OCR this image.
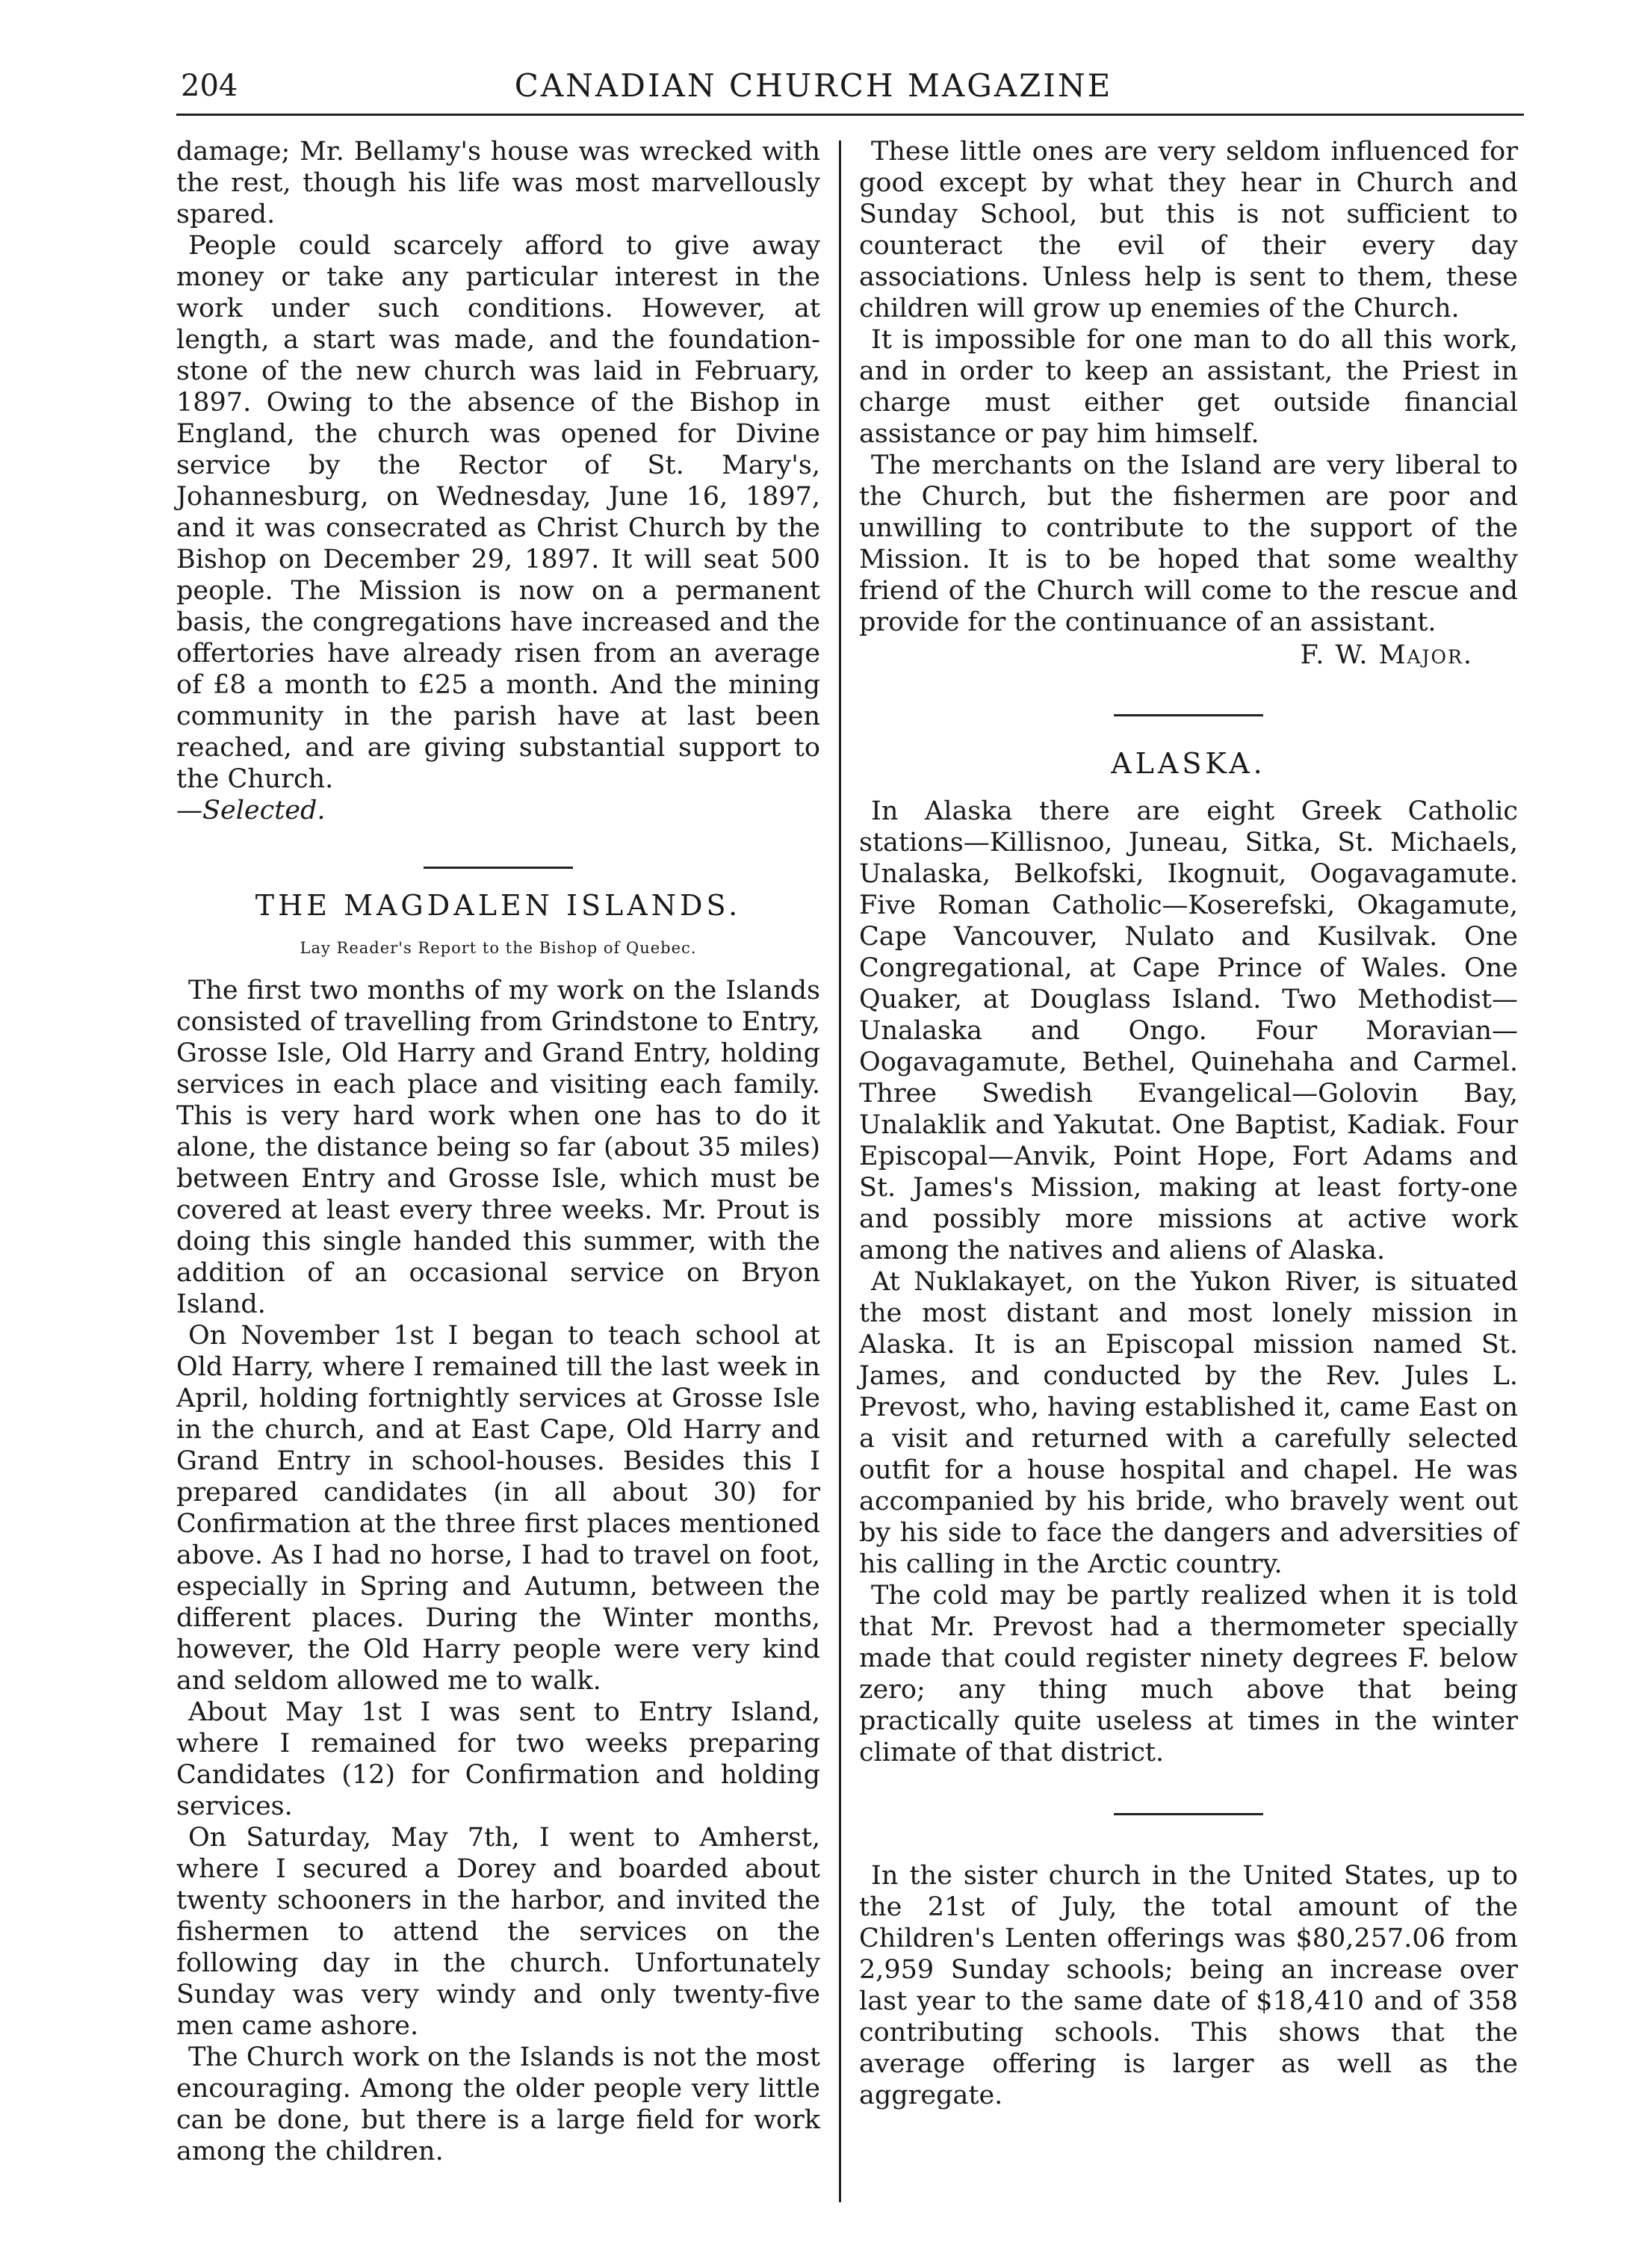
204	CANADIAN CHURCH MAGAZINE

damage; Mr. Bellamy's house was wrecked with the rest, though his life was most marvellously spared.

People could scarcely afford to give away money or take any particular interest in the work under such conditions. However, at length, a start was made, and the foundation-stone of the new church was laid in February, 1897. Owing to the absence of the Bishop in England, the church was opened for Divine service by the Rector of St. Mary's, Johannesburg, on Wednesday, June 16, 1897, and it was consecrated as Christ Church by the Bishop on December 29, 1897. It will seat 500 people. The Mission is now on a permanent basis, the congregations have increased and the offertories have already risen from an average of £8 a month to £25 a month. And the mining community in the parish have at last been reached, and are giving substantial support to the Church.

—Selected.

THE MAGDALEN ISLANDS.
Lay Reader's Report to the Bishop of Quebec.

The first two months of my work on the Islands consisted of travelling from Grindstone to Entry, Grosse Isle, Old Harry and Grand Entry, holding services in each place and visiting each family. This is very hard work when one has to do it alone, the distance being so far (about 35 miles) between Entry and Grosse Isle, which must be covered at least every three weeks. Mr. Prout is doing this single handed this summer, with the addition of an occasional service on Bryon Island.

On November 1st I began to teach school at Old Harry, where I remained till the last week in April, holding fortnightly services at Grosse Isle in the church, and at East Cape, Old Harry and Grand Entry in school-houses. Besides this I prepared candidates (in all about 30) for Confirmation at the three first places mentioned above. As I had no horse, I had to travel on foot, especially in Spring and Autumn, between the different places. During the Winter months, however, the Old Harry people were very kind and seldom allowed me to walk.

About May 1st I was sent to Entry Island, where I remained for two weeks preparing Candidates (12) for Confirmation and holding services.

On Saturday, May 7th, I went to Amherst, where I secured a Dorey and boarded about twenty schooners in the harbor, and invited the fishermen to attend the services on the following day in the church. Unfortunately Sunday was very windy and only twenty-five men came ashore.

The Church work on the Islands is not the most encouraging. Among the older people very little can be done, but there is a large field for work among the children.

These little ones are very seldom influenced for good except by what they hear in Church and Sunday School, but this is not sufficient to counteract the evil of their every day associations. Unless help is sent to them, these children will grow up enemies of the Church.

It is impossible for one man to do all this work, and in order to keep an assistant, the Priest in charge must either get outside financial assistance or pay him himself.

The merchants on the Island are very liberal to the Church, but the fishermen are poor and unwilling to contribute to the support of the Mission. It is to be hoped that some wealthy friend of the Church will come to the rescue and provide for the continuance of an assistant.

F. W. Major.

ALASKA.

In Alaska there are eight Greek Catholic stations—Killisnoo, Juneau, Sitka, St. Michaels, Unalaska, Belkofski, Ikognuit, Oogavagamute. Five Roman Catholic—Koserefski, Okagamute, Cape Vancouver, Nulato and Kusilvak. One Congregational, at Cape Prince of Wales. One Quaker, at Douglass Island. Two Methodist—Unalaska and Ongo. Four Moravian—Oogavagamute, Bethel, Quinehaha and Carmel. Three Swedish Evangelical—Golovin Bay, Unalaklik and Yakutat. One Baptist, Kadiak. Four Episcopal—Anvik, Point Hope, Fort Adams and St. James's Mission, making at least forty-one and possibly more missions at active work among the natives and aliens of Alaska.

At Nuklakayet, on the Yukon River, is situated the most distant and most lonely mission in Alaska. It is an Episcopal mission named St. James, and conducted by the Rev. Jules L. Prevost, who, having established it, came East on a visit and returned with a carefully selected outfit for a house hospital and chapel. He was accompanied by his bride, who bravely went out by his side to face the dangers and adversities of his calling in the Arctic country.

The cold may be partly realized when it is told that Mr. Prevost had a thermometer specially made that could register ninety degrees F. below zero; any thing much above that being practically quite useless at times in the winter climate of that district.

In the sister church in the United States, up to the 21st of July, the total amount of the Children's Lenten offerings was $80,257.06 from 2,959 Sunday schools; being an increase over last year to the same date of $18,410 and of 358 contributing schools. This shows that the average offering is larger as well as the aggregate.
